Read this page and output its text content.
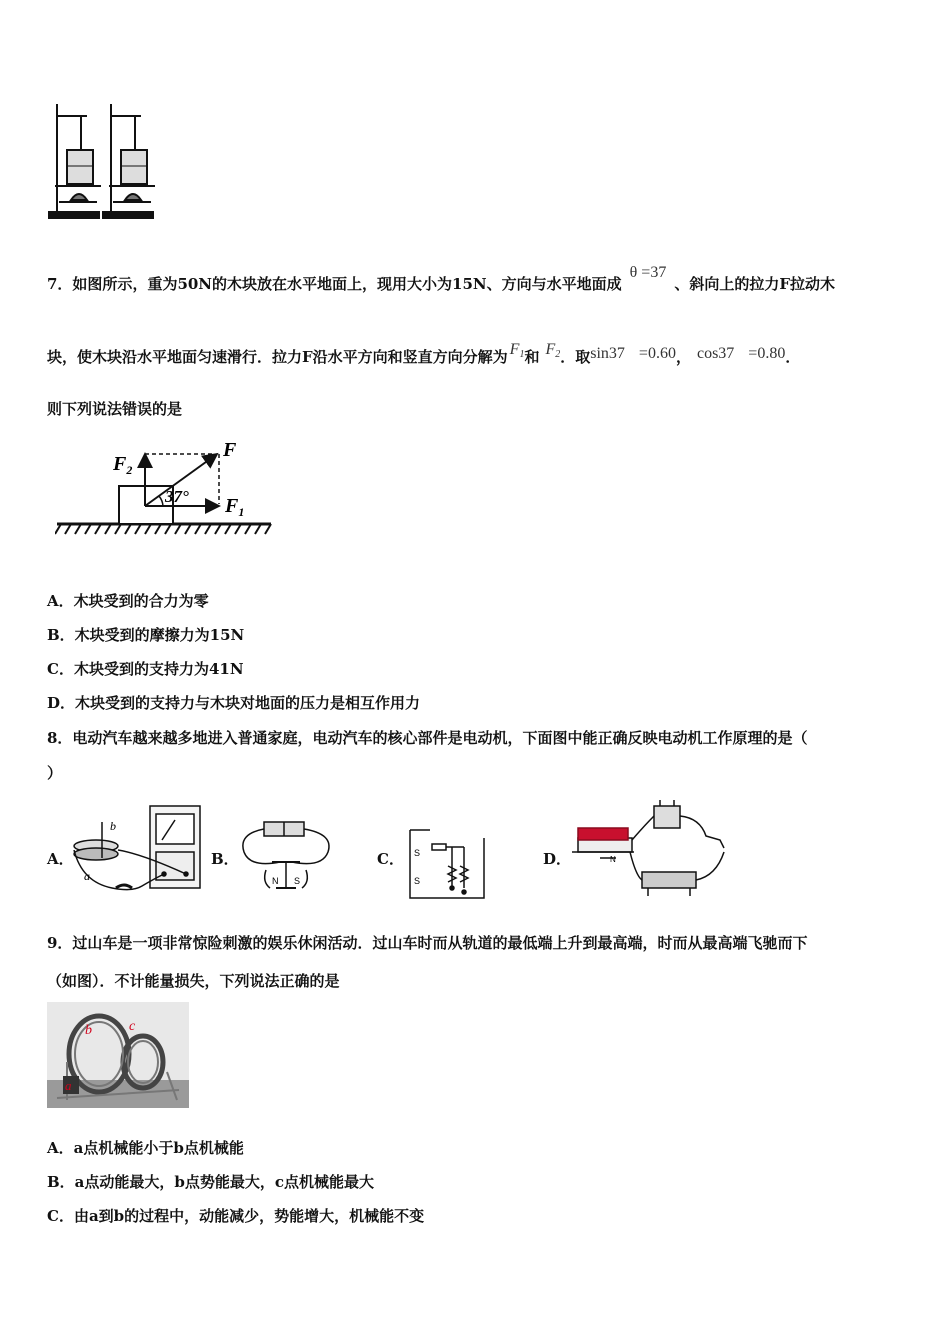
7．如图所示，重为50N的木块放在水平地面上，现用大小为15N、方向与水平地面成θ =37、斜向上的拉力F拉动木
块，使木块沿水平地面匀速滑行．拉力F沿水平方向和竖直方向分解为 $F_1$和 $F_2$．取sin37 =0.60， cos37 =0.80．
则下列说法错误的是
$F_2$
F
$F_1$
37°
A．木块受到的合力为零
B．木块受到的摩擦力为15N
C．木块受到的支持力为41N
D．木块受到的支持力与木块对地面的压力是相互作用力
8．电动汽车越来越多地进入普通家庭，电动汽车的核心部件是电动机，下面图中能正确反映电动机工作原理的是（
）
A．
b
a
B．
N S
C． S
S
D．	N
9．过山车是一项非常惊险刺激的娱乐休闲活动．过山车时而从轨道的最低端上升到最高端，时而从最高端飞驰而下
（如图）．不计能量损失，下列说法正确的是
a
b	c
A．a点机械能小于b点机械能
B．a点动能最大，b点势能最大，c点机械能最大
C．由a到b的过程中，动能减少，势能增大，机械能不变
